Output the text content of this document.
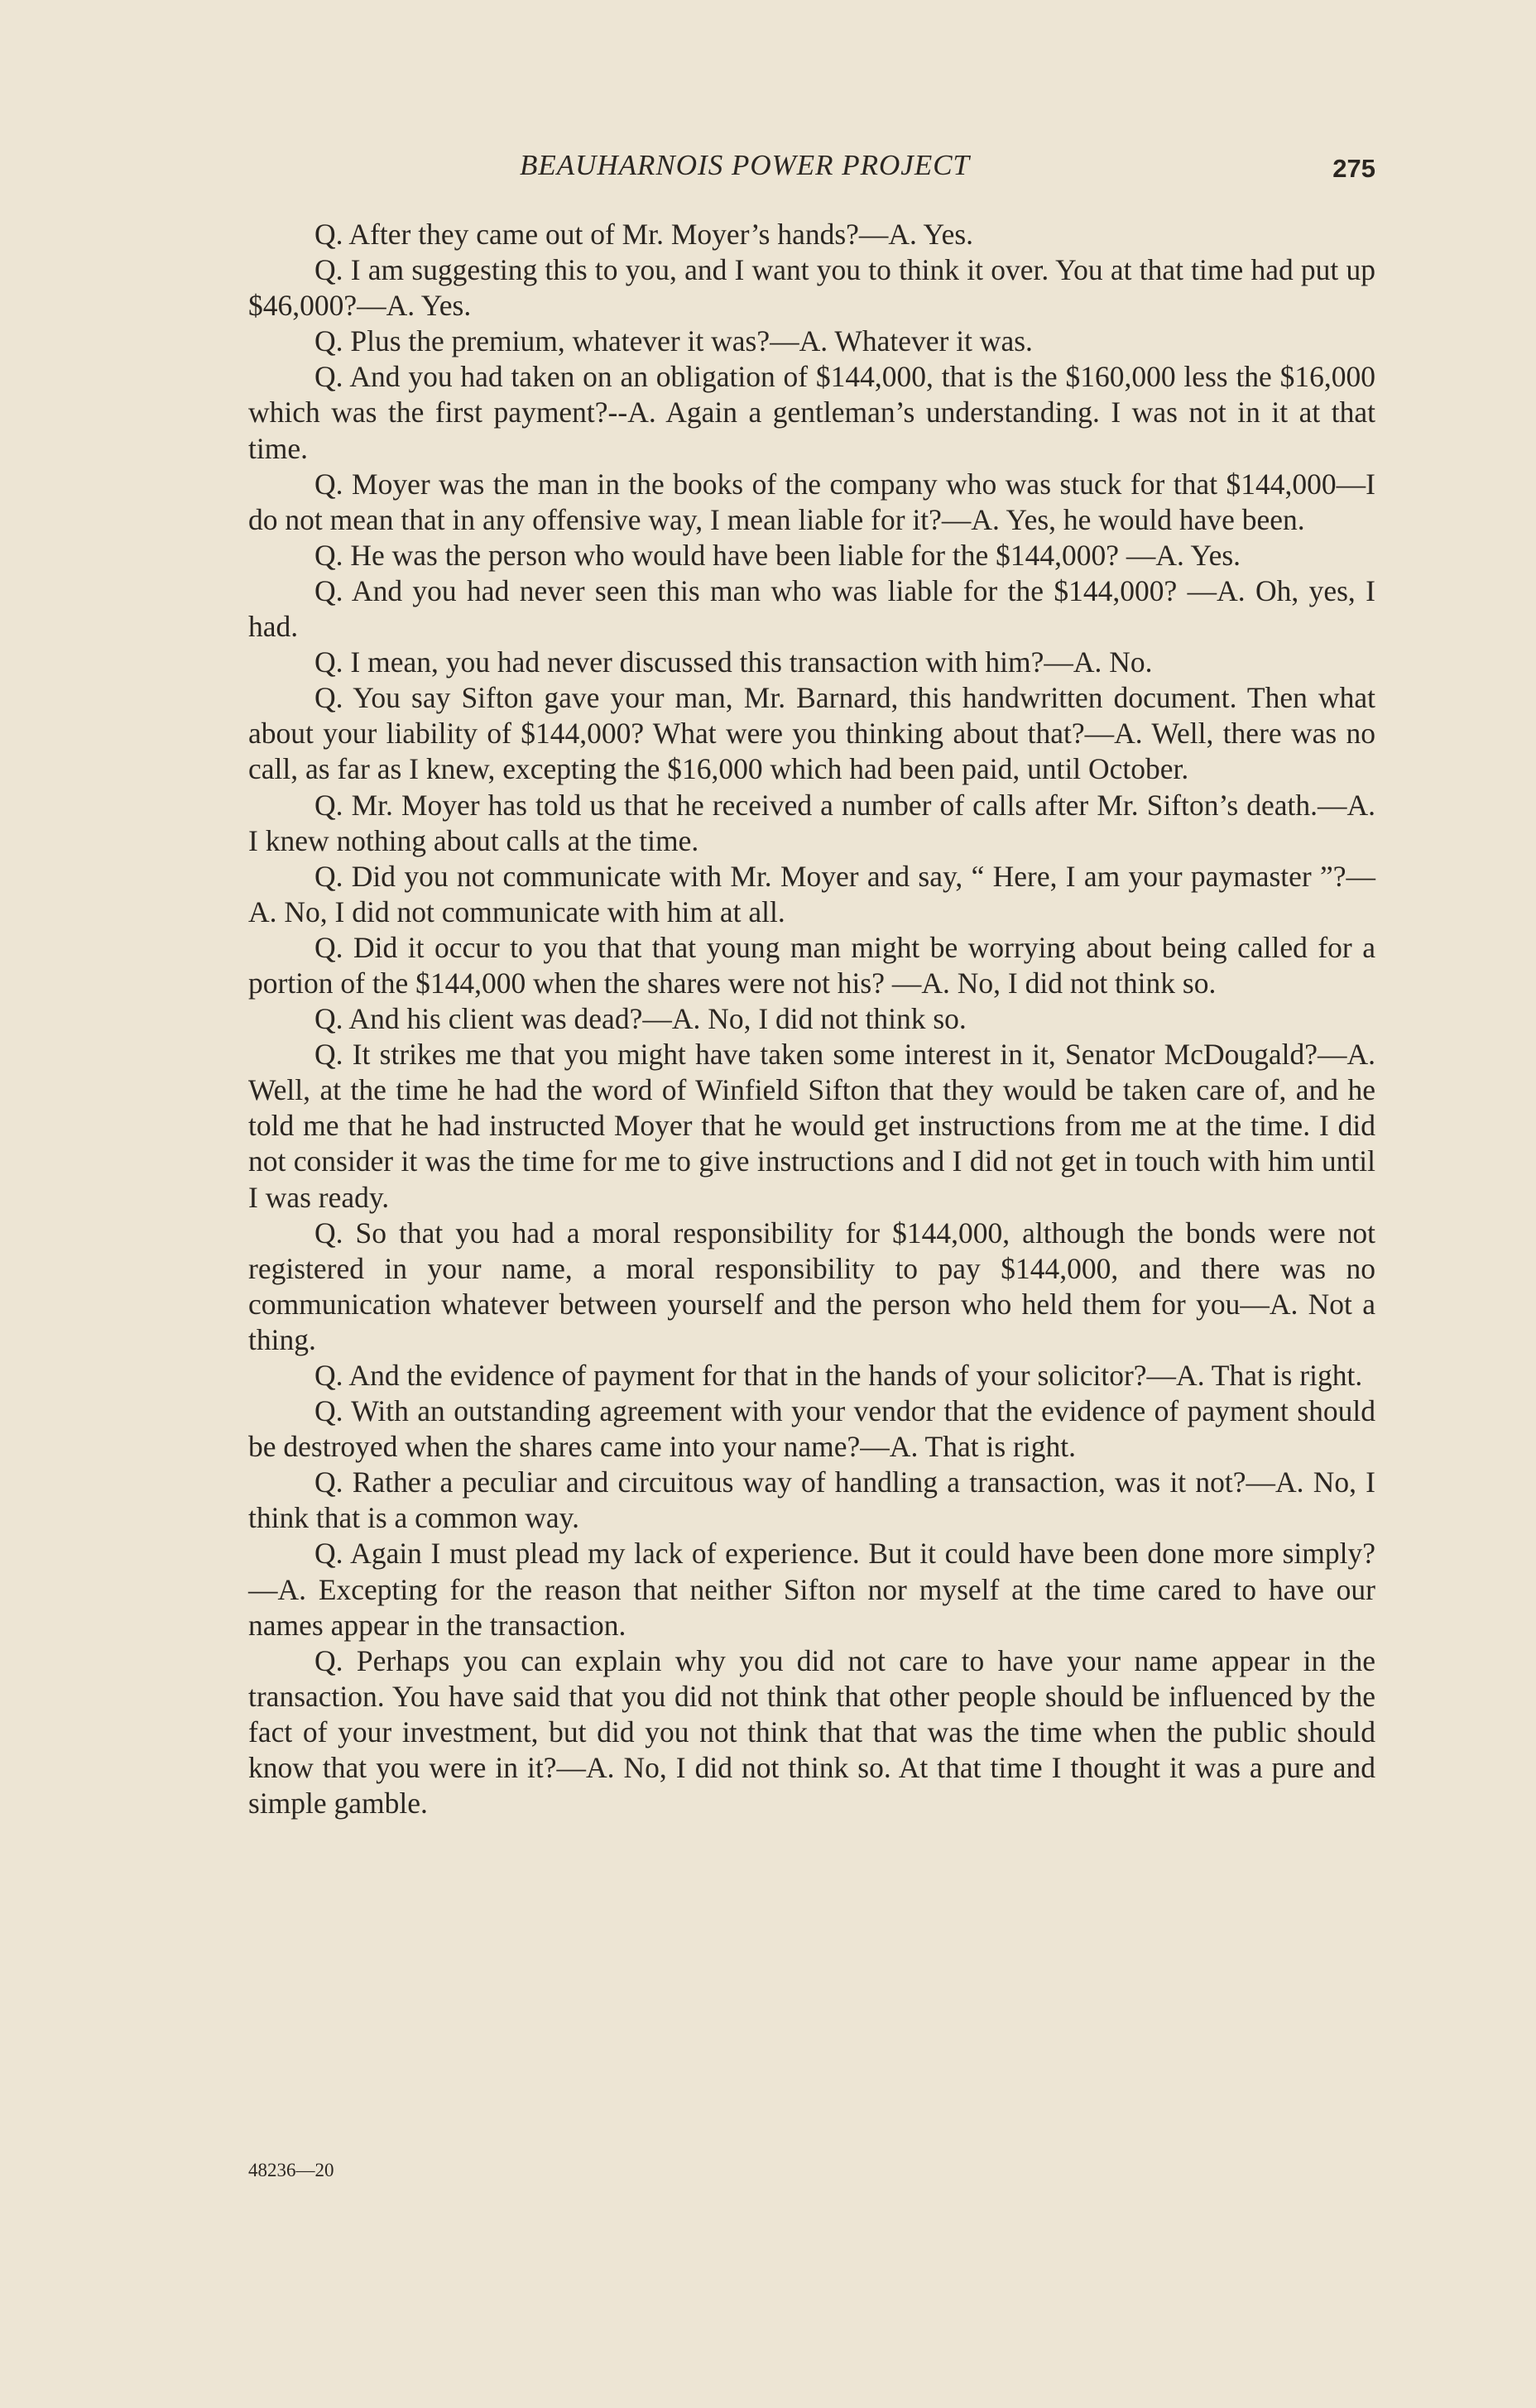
BEAUHARNOIS POWER PROJECT	275

Q. After they came out of Mr. Moyer’s hands?—A. Yes.

Q. I am suggesting this to you, and I want you to think it over. You at that time had put up $46,000?—A. Yes.

Q. Plus the premium, whatever it was?—A. Whatever it was.

Q. And you had taken on an obligation of $144,000, that is the $160,000 less the $16,000 which was the first payment?--A. Again a gentleman’s understanding. I was not in it at that time.

Q. Moyer was the man in the books of the company who was stuck for that $144,000—I do not mean that in any offensive way, I mean liable for it?—A. Yes, he would have been.

Q. He was the person who would have been liable for the $144,000? —A. Yes.

Q. And you had never seen this man who was liable for the $144,000? —A. Oh, yes, I had.

Q. I mean, you had never discussed this transaction with him?—A. No.

Q. You say Sifton gave your man, Mr. Barnard, this handwritten document. Then what about your liability of $144,000? What were you thinking about that?—A. Well, there was no call, as far as I knew, excepting the $16,000 which had been paid, until October.

Q. Mr. Moyer has told us that he received a number of calls after Mr. Sifton’s death.—A. I knew nothing about calls at the time.

Q. Did you not communicate with Mr. Moyer and say, “ Here, I am your paymaster ”?—A. No, I did not communicate with him at all.

Q. Did it occur to you that that young man might be worrying about being called for a portion of the $144,000 when the shares were not his? —A. No, I did not think so.

Q. And his client was dead?—A. No, I did not think so.

Q. It strikes me that you might have taken some interest in it, Senator McDougald?—A. Well, at the time he had the word of Winfield Sifton that they would be taken care of, and he told me that he had instructed Moyer that he would get instructions from me at the time. I did not consider it was the time for me to give instructions and I did not get in touch with him until I was ready.

Q. So that you had a moral responsibility for $144,000, although the bonds were not registered in your name, a moral responsibility to pay $144,000, and there was no communication whatever between yourself and the person who held them for you—A. Not a thing.

Q. And the evidence of payment for that in the hands of your solicitor?—A. That is right.

Q. With an outstanding agreement with your vendor that the evidence of payment should be destroyed when the shares came into your name?—A. That is right.

Q. Rather a peculiar and circuitous way of handling a transaction, was it not?—A. No, I think that is a common way.

Q. Again I must plead my lack of experience. But it could have been done more simply?—A. Excepting for the reason that neither Sifton nor myself at the time cared to have our names appear in the transaction.

Q. Perhaps you can explain why you did not care to have your name appear in the transaction. You have said that you did not think that other people should be influenced by the fact of your investment, but did you not think that that was the time when the public should know that you were in it?—A. No, I did not think so. At that time I thought it was a pure and simple gamble.

48236—20
